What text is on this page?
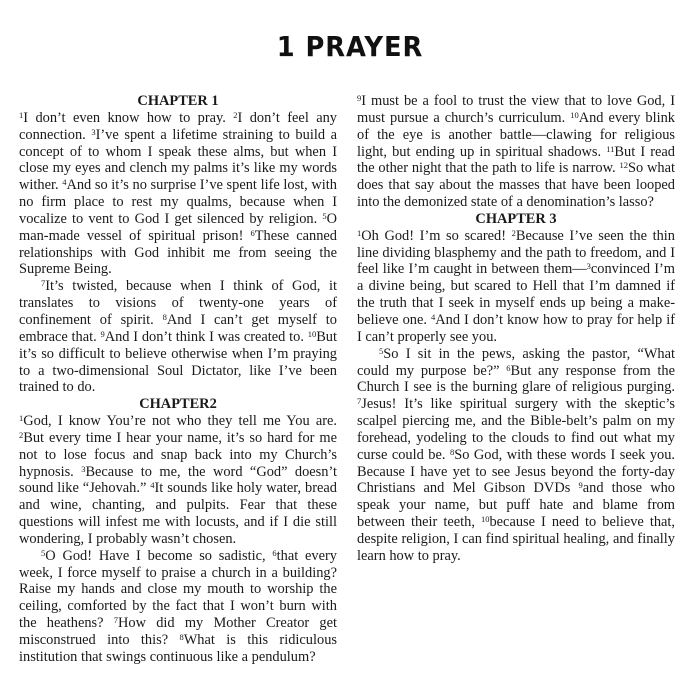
1 PRAYER
CHAPTER 1

$^1$I don’t even know how to pray. $^2$I don’t feel any connection. $^3$I’ve spent a lifetime straining to build a concept of to whom I speak these alms, but when I close my eyes and clench my palms it’s like my words wither. $^4$And so it’s no surprise I’ve spent life lost, with no firm place to rest my qualms, because when I vocalize to vent to God I get silenced by religion. $^5$O man-made vessel of spiritual prison! $^6$These canned relationships with God inhibit me from seeing the Supreme Being.

$^7$It’s twisted, because when I think of God, it translates to visions of twenty-one years of confinement of spirit. $^8$And I can’t get myself to embrace that. $^9$And I don’t think I was created to. $^{10}$But it’s so difficult to believe otherwise when I’m praying to a two-dimensional Soul Dictator, like I’ve been trained to do.

CHAPTER2

$^1$God, I know You’re not who they tell me You are. $^2$But every time I hear your name, it’s so hard for me not to lose focus and snap back into my Church’s hypnosis. $^3$Because to me, the word “God” doesn’t sound like “Jehovah.” $^4$It sounds like holy water, bread and wine, chanting, and pulpits. Fear that these questions will infest me with locusts, and if I die still wondering, I probably wasn’t chosen.

$^5$O God! Have I become so sadistic, $^6$that every week, I force myself to praise a church in a building? Raise my hands and close my mouth to worship the ceiling, comforted by the fact that I won’t burn with the heathens? $^7$How did my Mother Creator get misconstrued into this? $^8$What is this ridiculous institution that swings continuous like a pendulum?

$^9$I must be a fool to trust the view that to love God, I must pursue a church’s curriculum. $^{10}$And every blink of the eye is another battle—clawing for religious light, but ending up in spiritual shadows. $^{11}$But I read the other night that the path to life is narrow. $^{12}$So what does that say about the masses that have been looped into the demonized state of a denomination’s lasso?

CHAPTER 3

$^1$Oh God! I’m so scared! $^2$Because I’ve seen the thin line dividing blasphemy and the path to freedom, and I feel like I’m caught in between them—$^3$convinced I’m a divine being, but scared to Hell that I’m damned if the truth that I seek in myself ends up being a make-believe one. $^4$And I don’t know how to pray for help if I can’t properly see you.

$^5$So I sit in the pews, asking the pastor, “What could my purpose be?” $^6$But any response from the Church I see is the burning glare of religious purging. $^7$Jesus! It’s like spiritual surgery with the skeptic’s scalpel piercing me, and the Bible-belt’s palm on my forehead, yodeling to the clouds to find out what my curse could be. $^8$So God, with these words I seek you. Because I have yet to see Jesus beyond the forty-day Christians and Mel Gibson DVDs $^9$and those who speak your name, but puff hate and blame from between their teeth, $^{10}$because I need to believe that, despite religion, I can find spiritual healing, and finally learn how to pray.
